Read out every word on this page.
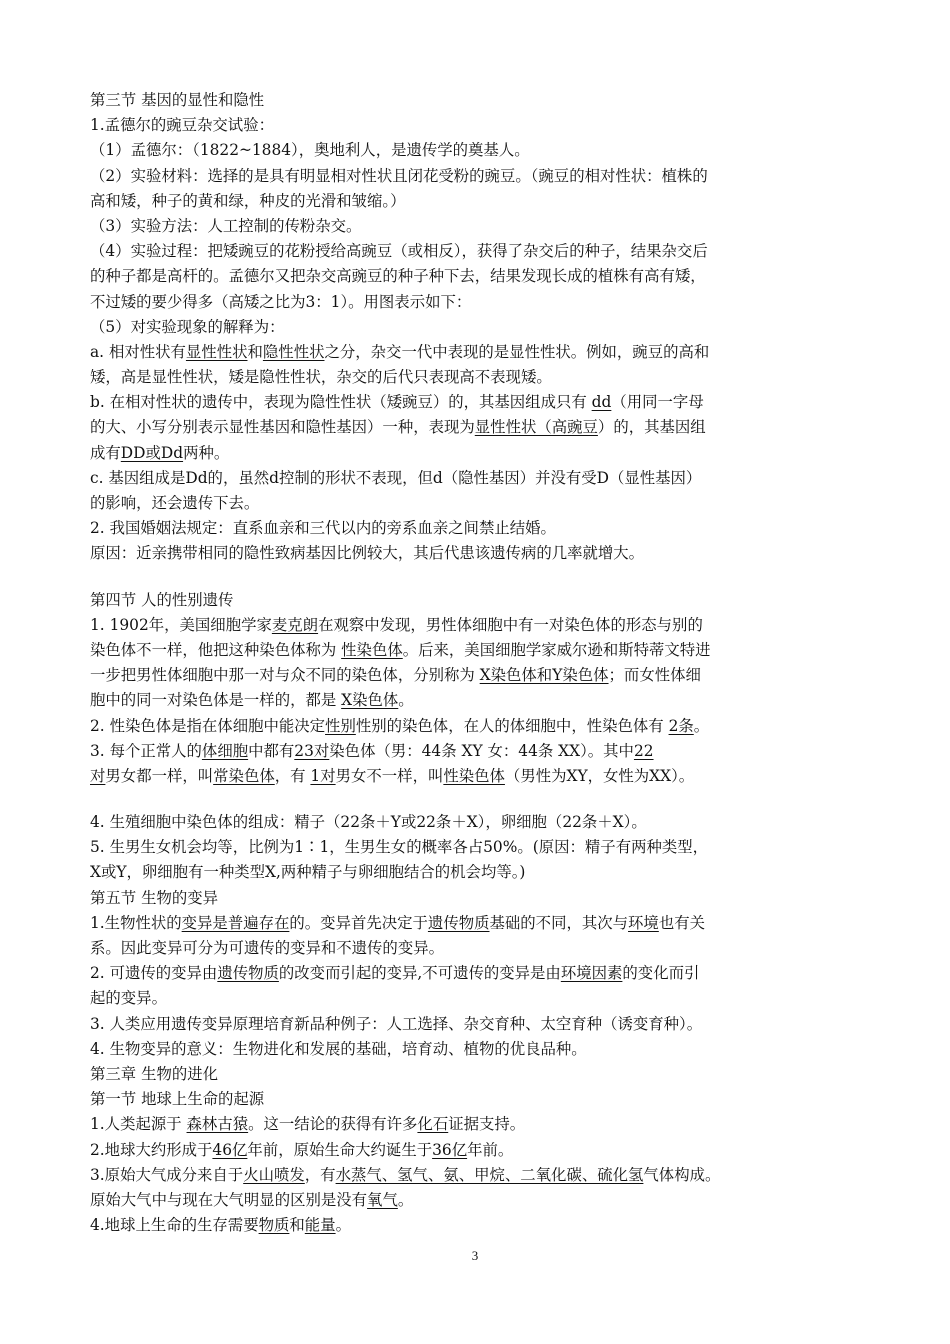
第三节 基因的显性和隐性
1.孟德尔的豌豆杂交试验：
（1）孟德尔：（1822~1884），奥地利人，是遗传学的奠基人。
（2）实验材料：选择的是具有明显相对性状且闭花受粉的豌豆。（豌豆的相对性状：植株的
高和矮，种子的黄和绿，种皮的光滑和皱缩。）
（3）实验方法：人工控制的传粉杂交。
（4）实验过程：把矮豌豆的花粉授给高豌豆（或相反），获得了杂交后的种子，结果杂交后
的种子都是高杆的。孟德尔又把杂交高豌豆的种子种下去，结果发现长成的植株有高有矮，
不过矮的要少得多（高矮之比为3：1）。用图表示如下：
（5）对实验现象的解释为：
a. 相对性状有显性性状和隐性性状之分，杂交一代中表现的是显性性状。例如，豌豆的高和
矮，高是显性性状，矮是隐性性状，杂交的后代只表现高不表现矮。
b. 在相对性状的遗传中，表现为隐性性状（矮豌豆）的，其基因组成只有 dd（用同一字母
的大、小写分别表示显性基因和隐性基因）一种，表现为显性性状（高豌豆）的，其基因组
成有DD或Dd两种。
c. 基因组成是Dd的，虽然d控制的形状不表现，但d（隐性基因）并没有受D（显性基因）
的影响，还会遗传下去。
2. 我国婚姻法规定：直系血亲和三代以内的旁系血亲之间禁止结婚。
原因：近亲携带相同的隐性致病基因比例较大，其后代患该遗传病的几率就增大。
第四节 人的性别遗传
1. 1902年，美国细胞学家麦克朗在观察中发现，男性体细胞中有一对染色体的形态与别的
染色体不一样，他把这种染色体称为 性染色体。后来，美国细胞学家威尔逊和斯特蒂文特进
一步把男性体细胞中那一对与众不同的染色体，分别称为 X染色体和Y染色体；而女性体细
胞中的同一对染色体是一样的，都是 X染色体。
2. 性染色体是指在体细胞中能决定性别性别的染色体，在人的体细胞中，性染色体有 2条。
3. 每个正常人的体细胞中都有23对染色体（男：44条 XY 女：44条 XX）。其中22
对男女都一样，叫常染色体，有 1对男女不一样，叫性染色体（男性为XY，女性为XX）。
4. 生殖细胞中染色体的组成：精子（22条＋Y或22条＋X），卵细胞（22条＋X）。
5. 生男生女机会均等，比例为1∶1，生男生女的概率各占50%。(原因：精子有两种类型，
X或Y，卵细胞有一种类型X,两种精子与卵细胞结合的机会均等。)
第五节 生物的变异
1.生物性状的变异是普遍存在的。变异首先决定于遗传物质基础的不同，其次与环境也有关
系。因此变异可分为可遗传的变异和不遗传的变异。
2. 可遗传的变异由遗传物质的改变而引起的变异,不可遗传的变异是由环境因素的变化而引
起的变异。
3. 人类应用遗传变异原理培育新品种例子：人工选择、杂交育种、太空育种（诱变育种）。
4. 生物变异的意义：生物进化和发展的基础，培育动、植物的优良品种。
第三章 生物的进化
第一节 地球上生命的起源
1.人类起源于 森林古猿。这一结论的获得有许多化石证据支持。
2.地球大约形成于46亿年前，原始生命大约诞生于36亿年前。
3.原始大气成分来自于火山喷发，有水蒸气、氢气、氨、甲烷、二氧化碳、硫化氢气体构成。
原始大气中与现在大气明显的区别是没有氧气。
4.地球上生命的生存需要物质和能量。
3
